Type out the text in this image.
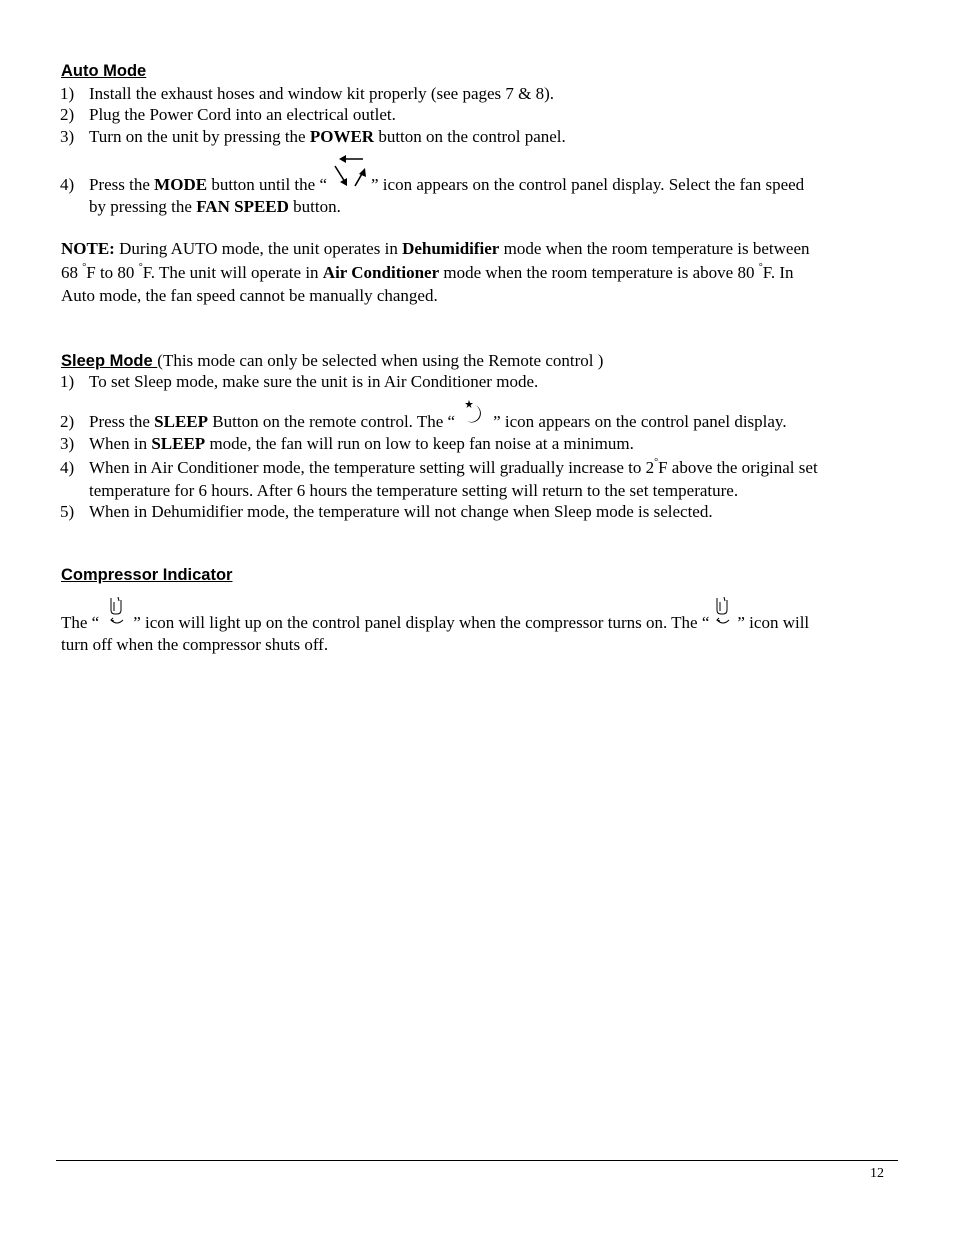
Auto Mode
1) Install the exhaust hoses and window kit properly (see pages 7 & 8).
2) Plug the Power Cord into an electrical outlet.
3) Turn on the unit by pressing the POWER button on the control panel.
4) Press the MODE button until the “	” icon appears on the control panel display. Select the fan speed
by pressing the FAN SPEED button.
NOTE: During AUTO mode, the unit operates in Dehumidifier mode when the room temperature is between
68 °F to 80 °F. The unit will operate in Air Conditioner mode when the room temperature is above 80 °F. In
Auto mode, the fan speed cannot be manually changed.
Sleep Mode (This mode can only be selected when using the Remote control )
1) To set Sleep mode, make sure the unit is in Air Conditioner mode.
2) Press the SLEEP Button on the remote control. The “ ” icon appears on the control panel display.
3) When in SLEEP mode, the fan will run on low to keep fan noise at a minimum.
4) When in Air Conditioner mode, the temperature setting will gradually increase to 2°F above the original set
temperature for 6 hours. After 6 hours the temperature setting will return to the set temperature.
5) When in Dehumidifier mode, the temperature will not change when Sleep mode is selected.
Compressor Indicator
The “ ” icon will light up on the control panel display when the compressor turns on. The “ ” icon will
turn off when the compressor shuts off.
12
